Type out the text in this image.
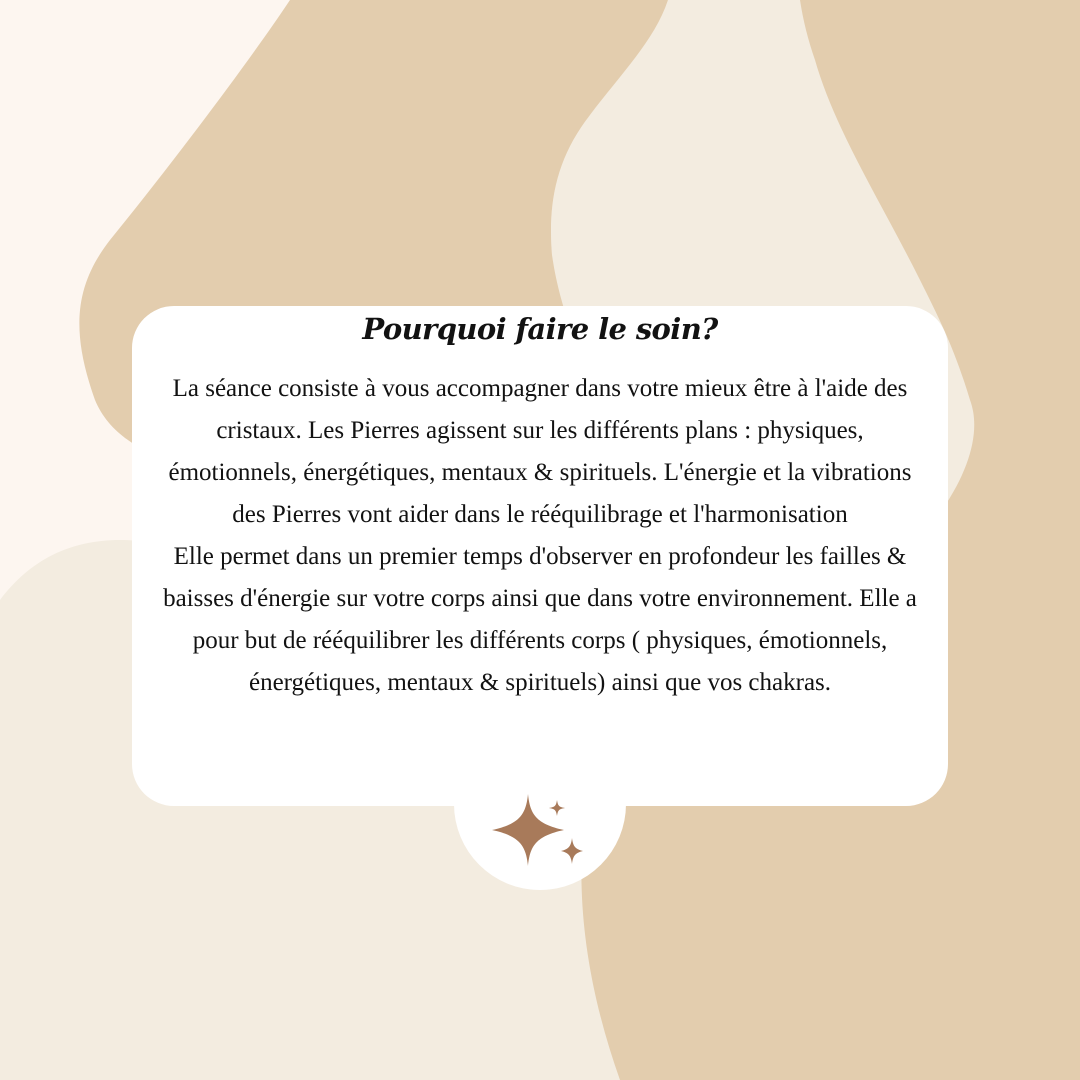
Pourquoi faire le soin?

La séance consiste à vous accompagner dans votre mieux être à l'aide des cristaux. Les Pierres agissent sur les différents plans : physiques, émotionnels, énergétiques, mentaux & spirituels. L'énergie et la vibrations des Pierres vont aider dans le rééquilibrage et l'harmonisation

Elle permet dans un premier temps d'observer en profondeur les failles & baisses d'énergie sur votre corps ainsi que dans votre environnement. Elle a pour but de rééquilibrer les différents corps ( physiques, émotionnels, énergétiques, mentaux & spirituels) ainsi que vos chakras.
